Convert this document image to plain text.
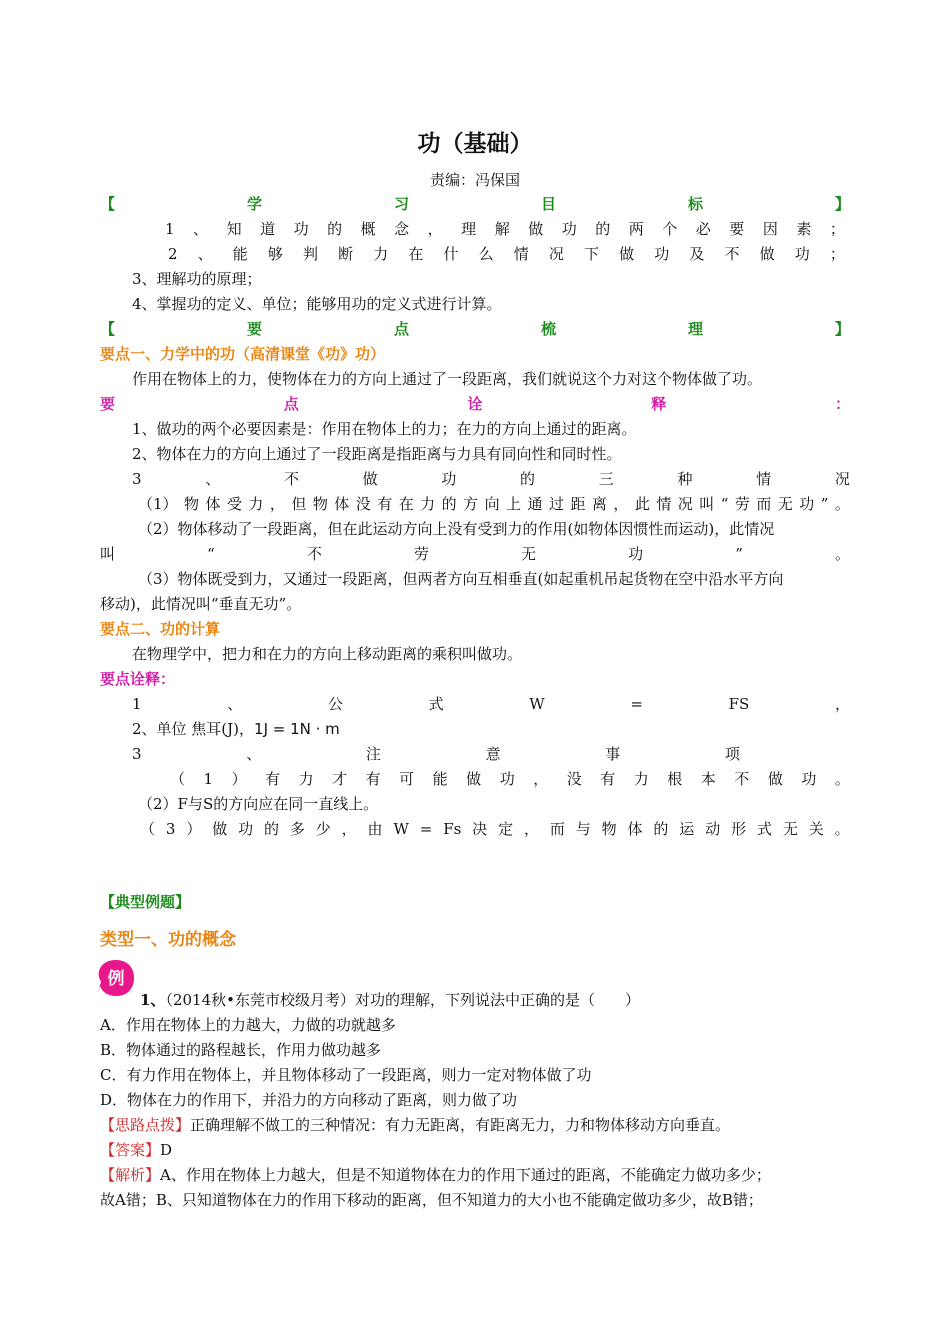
功（基础）
责编：冯保国
【	学	习	目	标	】
1 、 知 道 功 的 概 念 ， 理 解 做 功 的 两 个 必 要 因 素 ；
2 、 能 够 判 断 力 在 什 么 情 况 下 做 功 及 不 做 功 ；
3、理解功的原理；
4、掌握功的定义、单位；能够用功的定义式进行计算。
【	要	点	梳	理	】
要点一、力学中的功（高清课堂《功》功）
作用在物体上的力，使物体在力的方向上通过了一段距离，我们就说这个力对这个物体做了功。
要	点	诠	释	：
1、做功的两个必要因素是：作用在物体上的力；在力的方向上通过的距离。
2、物体在力的方向上通过了一段距离是指距离与力具有同向性和同时性。
3	、	不	做	功	的	三	种	情	况
（1） 物 体 受 力 ， 但 物 体 没 有 在 力 的 方 向 上 通 过 距 离 ， 此 情 况 叫 “ 劳 而 无 功 ” 。
（2）物体移动了一段距离，但在此运动方向上没有受到力的作用(如物体因惯性而运动)，此情况
叫	“	不	劳	无	功	”	。
（3）物体既受到力，又通过一段距离，但两者方向互相垂直(如起重机吊起货物在空中沿水平方向
移动)，此情况叫“垂直无功”。
要点二、功的计算
在物理学中，把力和在力的方向上移动距离的乘积叫做功。
要点诠释：
1	、	公	式	W	=	FS	，
2、单位 焦耳(J)，1J = 1N · m
3	、	注	意	事	项
（ 1 ） 有 力 才 有 可 能 做 功 ， 没 有 力 根 本 不 做 功 。
（2）F与S的方向应在同一直线上。
（ 3 ） 做 功 的 多 少 ， 由 W = Fs 决 定 ， 而 与 物 体 的 运 动 形 式 无 关 。
【典型例题】
类型一、功的概念
例
1、（2014秋•东莞市校级月考）对功的理解，下列说法中正确的是（　　）
A．作用在物体上的力越大，力做的功就越多
B．物体通过的路程越长，作用力做功越多
C．有力作用在物体上，并且物体移动了一段距离，则力一定对物体做了功
D．物体在力的作用下，并沿力的方向移动了距离，则力做了功
【思路点拨】正确理解不做工的三种情况：有力无距离，有距离无力，力和物体移动方向垂直。
【答案】D
【解析】A、作用在物体上力越大，但是不知道物体在力的作用下通过的距离，不能确定力做功多少；
故A错；B、只知道物体在力的作用下移动的距离，但不知道力的大小也不能确定做功多少，故B错；
